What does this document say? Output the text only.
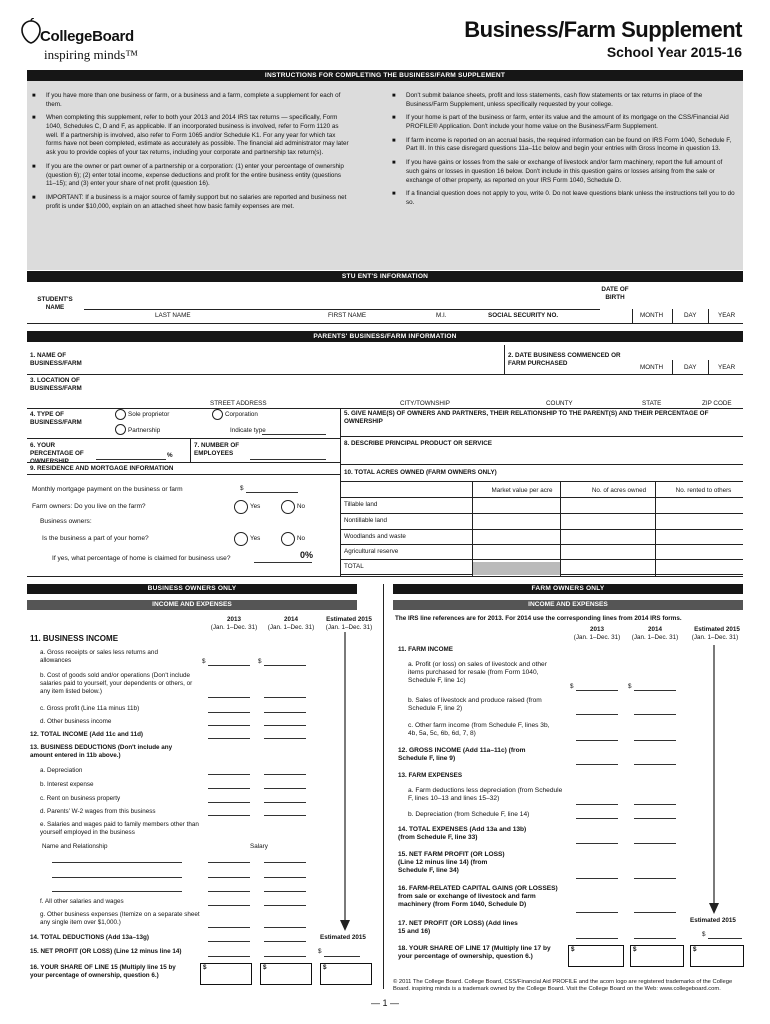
CollegeBoard
inspiring minds™
Business/Farm Supplement
School Year 2015-16
INSTRUCTIONS FOR COMPLETING THE BUSINESS/FARM SUPPLEMENT
■ If you have more than one business or farm, or a business and a farm, complete a supplement for each of them.
■ When completing this supplement, refer to both your 2013 and 2014 IRS tax returns — specifically, Form 1040, Schedules C, D and F, as applicable. If an incorporated business is involved, refer to Form 1120 as well. If a partnership is involved, also refer to Form 1065 and/or Schedule K1. For any year for which tax forms have not been completed, estimate as accurately as possible. The financial aid administrator may later ask you to provide copies of your tax returns, including your corporate and partnership tax return(s).
■ If you are the owner or part owner of a partnership or a corporation: (1) enter your percentage of ownership (question 6); (2) enter total income, expense deductions and profit for the entire business entity (questions 11–15); and (3) enter your share of net profit (question 16).
■ IMPORTANT: If a business is a major source of family support but no salaries are reported and business net profit is under $10,000, explain on an attached sheet how basic family expenses are met.
■ Don't submit balance sheets, profit and loss statements, cash flow statements or tax returns in place of the Business/Farm Supplement, unless specifically requested by your college.
■ If your home is part of the business or farm, enter its value and the amount of its mortgage on the CSS/Financial Aid PROFILE® Application. Don't include your home value on the Business/Farm Supplement.
■ If farm income is reported on an accrual basis, the required information can be found on IRS Form 1040, Schedule F, Part III. In this case disregard questions 11a–11c below and begin your entries with Gross Income in question 13.
■ If you have gains or losses from the sale or exchange of livestock and/or farm machinery, report the full amount of such gains or losses in question 16 below. Don't include in this question gains or losses arising from the sale or exchange of other property, as reported on your IRS Form 1040, Schedule D.
■ If a financial question does not apply to you, write 0. Do not leave questions blank unless the instructions tell you to do so.
STU ENT'S INFORMATION
STUDENT'S NAME
LAST NAME	FIRST NAME	M.I.	SOCIAL SECURITY NO.
DATE OF BIRTH
MONTH	DAY	YEAR
PARENTS' BUSINESS/FARM INFORMATION
1. NAME OF BUSINESS/FARM
2. DATE BUSINESS COMMENCED OR FARM PURCHASED
MONTH	DAY	YEAR
3. LOCATION OF BUSINESS/FARM
STREET ADDRESS	CITY/TOWNSHIP	COUNTY	STATE	ZIP CODE
4. TYPE OF BUSINESS/FARM
Sole proprietor	Corporation
Partnership	Indicate type
5. GIVE NAME(S) OF OWNERS AND PARTNERS, THEIR RELATIONSHIP TO THE PARENT(S) AND THEIR PERCENTAGE OF OWNERSHIP
6. YOUR PERCENTAGE OF OWNERSHIP
%
7. NUMBER OF EMPLOYEES
8. DESCRIBE PRINCIPAL PRODUCT OR SERVICE
9. RESIDENCE AND MORTGAGE INFORMATION
Monthly mortgage payment on the business or farm	$
Farm owners: Do you live on the farm?	Yes	No
Business owners:
Is the business a part of your home?	Yes	No
If yes, what percentage of home is claimed for business use?	0%
10. TOTAL ACRES OWNED (FARM OWNERS ONLY)
Market value per acre	No. of acres owned	No. rented to others
Tillable land
Nontillable land
Woodlands and waste
Agricultural reserve
TOTAL
BUSINESS OWNERS ONLY
INCOME AND EXPENSES
2013
(Jan. 1–Dec. 31)
2014
(Jan. 1–Dec. 31)
Estimated 2015
(Jan. 1–Dec. 31)
11. BUSINESS INCOME
a. Gross receipts or sales less returns and allowances	$	$
b. Cost of goods sold and/or operations (Don't include salaries paid to yourself, your dependents or others, or any item listed below.)
c. Gross profit (Line 11a minus 11b)
d. Other business income
12. TOTAL INCOME (Add 11c and 11d)
13. BUSINESS DEDUCTIONS (Don't include any amount entered in 11b above.)
a. Depreciation
b. Interest expense
c. Rent on business property
d. Parents' W-2 wages from this business
e. Salaries and wages paid to family members other than yourself employed in the business
Name and Relationship	Salary
f. All other salaries and wages
g. Other business expenses (Itemize on a separate sheet any single item over $1,000.)
14. TOTAL DEDUCTIONS (Add 13a–13g)	Estimated 2015
15. NET PROFIT (OR LOSS) (Line 12 minus line 14)	$
16. YOUR SHARE OF LINE 15 (Multiply line 15 by your percentage of ownership, question 6.)
$	$	$
FARM OWNERS ONLY
INCOME AND EXPENSES
The IRS line references are for 2013. For 2014 use the corresponding lines from 2014 IRS forms.
2013
(Jan. 1–Dec. 31)
2014
(Jan. 1–Dec. 31)
Estimated 2015
(Jan. 1–Dec. 31)
11. FARM INCOME
a. Profit (or loss) on sales of livestock and other items purchased for resale (from Form 1040, Schedule F, line 1c)
$	$
b. Sales of livestock and produce raised (from Schedule F, line 2)
c. Other farm income (from Schedule F, lines 3b, 4b, 5a, 5c, 6b, 6d, 7, 8)
12. GROSS INCOME (Add 11a–11c) (from Schedule F, line 9)
13. FARM EXPENSES
a. Farm deductions less depreciation (from Schedule F, lines 10–13 and lines 15–32)
b. Depreciation (from Schedule F, line 14)
14. TOTAL EXPENSES (Add 13a and 13b) (from Schedule F, line 33)
15. NET FARM PROFIT (OR LOSS) (Line 12 minus line 14) (from Schedule F, line 34)
16. FARM-RELATED CAPITAL GAINS (OR LOSSES) from sale or exchange of livestock and farm machinery (from Form 1040, Schedule D)
Estimated 2015
17. NET PROFIT (OR LOSS) (Add lines 15 and 16)	$
18. YOUR SHARE OF LINE 17 (Multiply line 17 by your percentage of ownership, question 6.)
$	$	$
© 2011 The College Board. College Board, CSS/Financial Aid PROFILE and the acorn logo are registered trademarks of the College Board. inspiring minds is a trademark owned by the College Board. Visit the College Board on the Web: www.collegeboard.com.
— 1 —
